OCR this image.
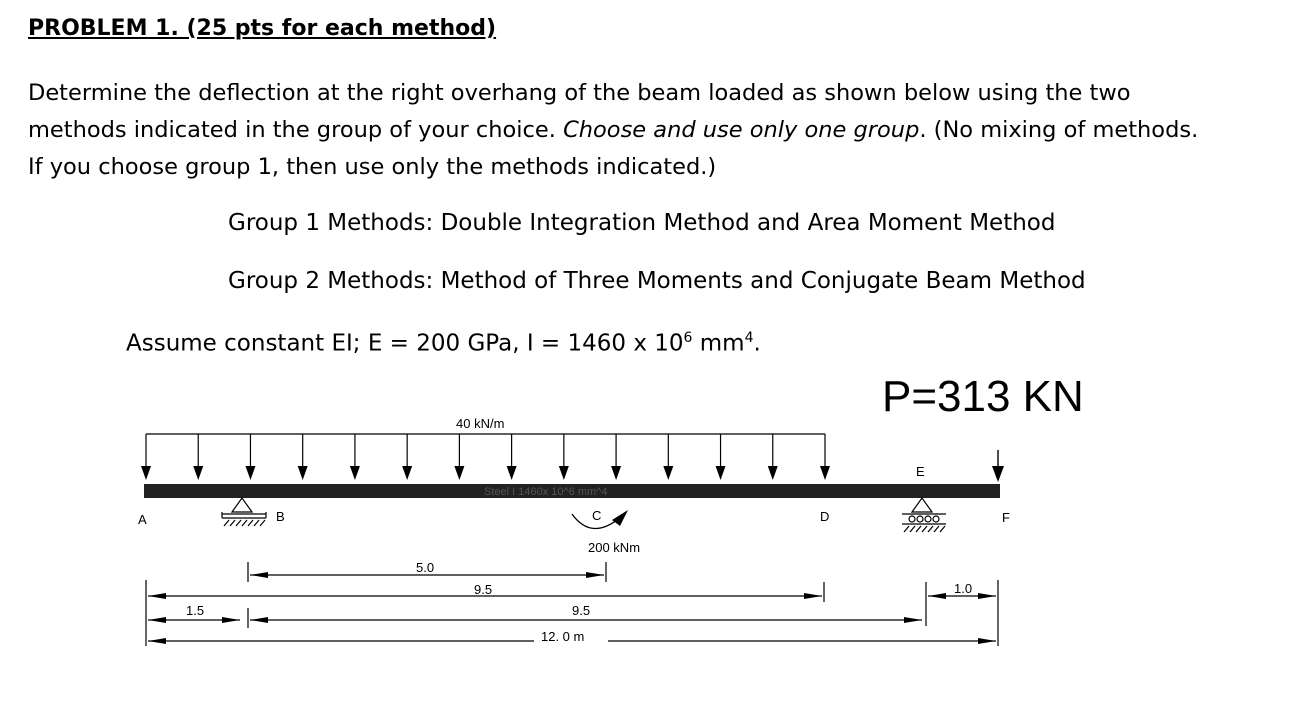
PROBLEM 1. (25 pts for each method)
Determine the deflection at the right overhang of the beam loaded as shown below using the two
methods indicated in the group of your choice. Choose and use only one group. (No mixing of methods.
If you choose group 1, then use only the methods indicated.)
Group 1 Methods: Double Integration Method and Area Moment Method
Group 2 Methods: Method of Three Moments and Conjugate Beam Method
Assume constant EI; E = 200 GPa, I = 1460 x $10^6$ $mm^4$.
P=313 KN
40 kN/m
Steel I 1460x 10^6 mm^4
200 kNm
A	B	C	D
E
F
5.0
9.5
1.5	9.5
12. 0 m
1.0
